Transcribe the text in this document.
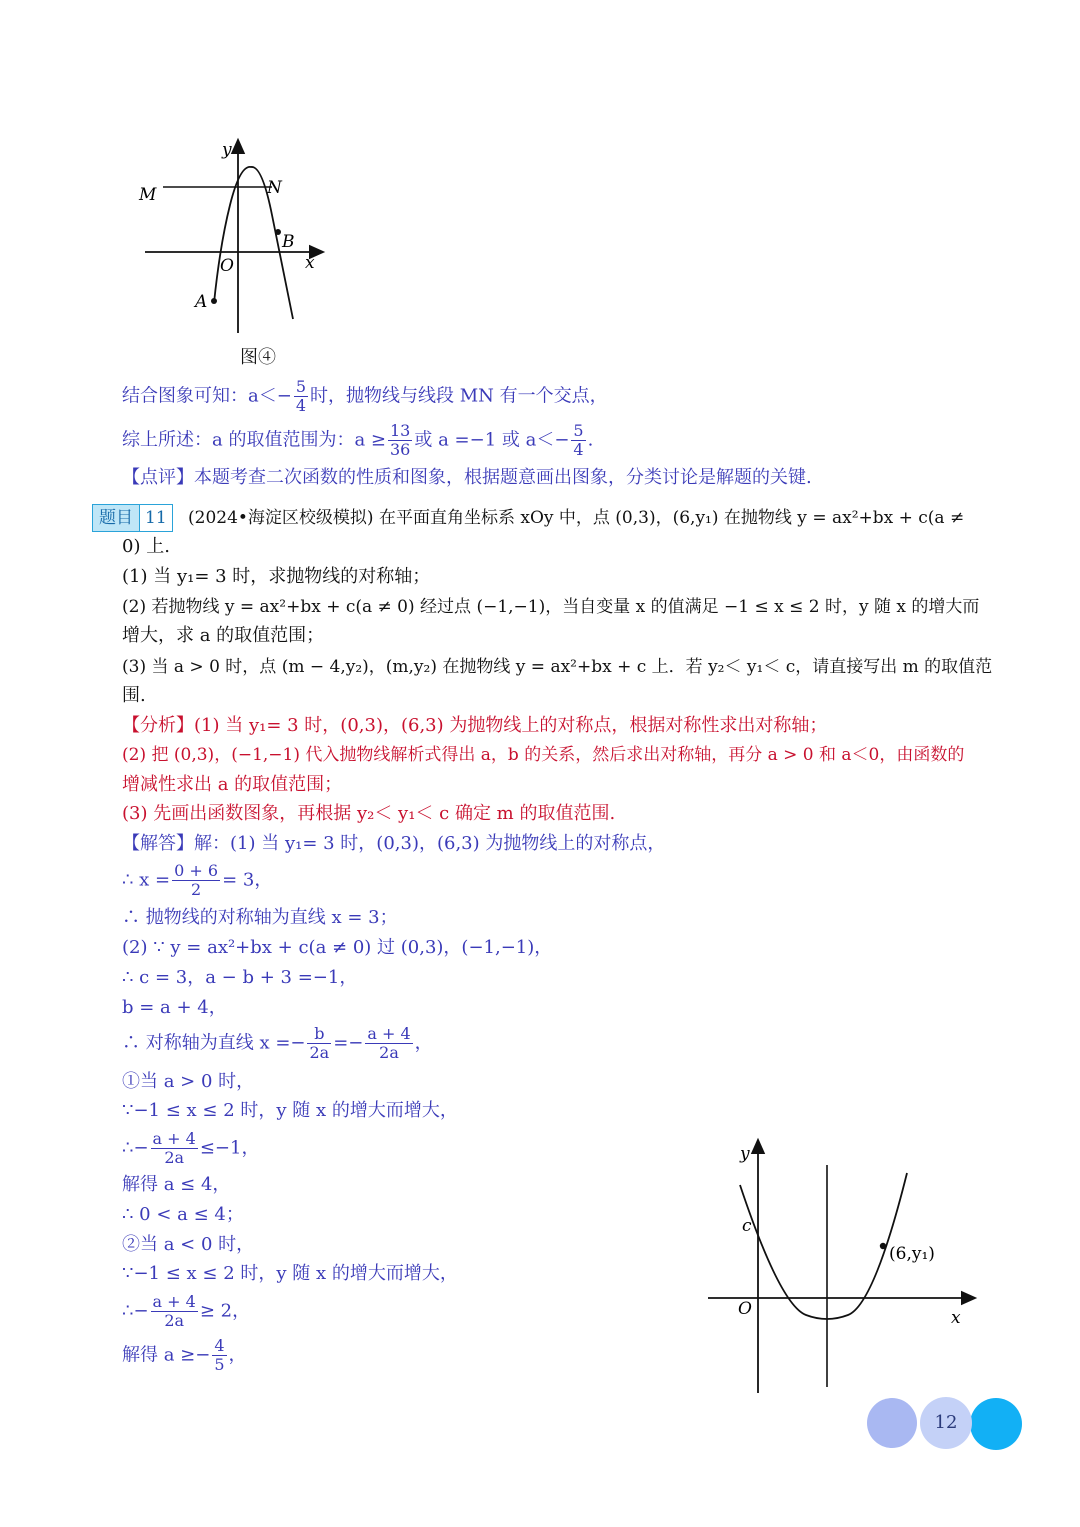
y
x
M	N
B
O
A
图④
结合图象可知：$a<- \frac{5}{4}$ 时，抛物线与线段 MN 有一个交点，
综上所述：a 的取值范围为：$a \ge \frac{13}{36}$ 或 a =−1 或 $a<- \frac{5}{4}$ .
【点评】本题考查二次函数的性质和图象，根据题意画出图象，分类讨论是解题的关键.
题目 11 (2024•海淀区校级模拟) 在平面直角坐标系 xOy 中，点 (0,3)，(6,y₁) 在抛物线 y = ax²+bx + c(a ≠
0) 上.
(1) 当 y₁= 3 时，求抛物线的对称轴；
(2) 若抛物线 y = ax²+bx + c(a ≠ 0) 经过点 (−1,−1)，当自变量 x 的值满足 −1 ≤ x ≤ 2 时，y 随 x 的增大而
增大，求 a 的取值范围；
(3) 当 a > 0 时，点 (m − 4,y₂)，(m,y₂) 在抛物线 y = ax²+bx + c 上．若 y₂＜ y₁＜ c，请直接写出 m 的取值范
围.
【分析】(1) 当 y₁= 3 时，(0,3)，(6,3) 为抛物线上的对称点，根据对称性求出对称轴；
(2) 把 (0,3)，(−1,−1) 代入抛物线解析式得出 a，b 的关系，然后求出对称轴，再分 a > 0 和 a＜0，由函数的
增减性求出 a 的取值范围；
(3) 先画出函数图象，再根据 y₂＜ y₁＜ c 确定 m 的取值范围.
【解答】解：(1) 当 y₁= 3 时，(0,3)，(6,3) 为抛物线上的对称点，
∴ $x = \frac{0 + 6}{2} = 3$，
∴ 抛物线的对称轴为直线 x = 3；
(2) ∵ y = ax²+bx + c(a ≠ 0) 过 (0,3)，(−1,−1)，
∴ c = 3，a − b + 3 =−1，
b = a + 4，
∴ 对称轴为直线 $x =- \frac{b}{2a} =- \frac{a + 4}{2a}$ ，
①当 a > 0 时，
∵−1 ≤ x ≤ 2 时，y 随 x 的增大而增大，
∴− $\frac{a + 4}{2a} \le-1$，
解得 a ≤ 4，
∴ 0 < a ≤ 4；
②当 a < 0 时，
∵−1 ≤ x ≤ 2 时，y 随 x 的增大而增大，
∴− $\frac{a + 4}{2a} \ge 2$，
解得 $a \ge- \frac{4}{5}$ ，
y
c
(6,y₁)
O	x
12
